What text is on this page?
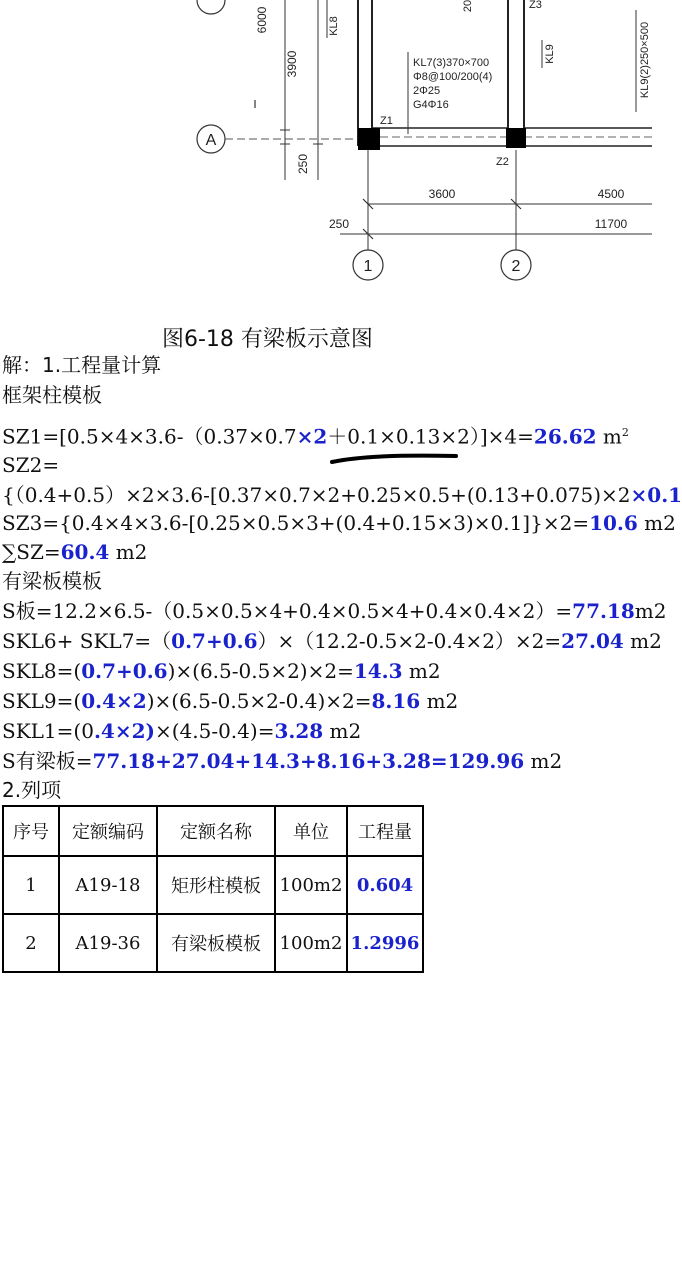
A
6000
3900
250
KL8
Z1
Z2
Z3
20
KL7(3)370×700
Φ8@100/200(4)
2Φ25
G4Φ16
KL9	KL9(2)250×500
3600	4500
250	11700
1	2
图6-18 有梁板示意图
解：1.工程量计算
框架柱模板
SZ1=[0.5×4×3.6-（0.37×0.7×2＋0.1×0.13×2）]×4=26.62 $m^2$
SZ2=
{（0.4+0.5）×2×3.6-[0.37×0.7×2+0.25×0.5+(0.13+0.075)×2×0.1
SZ3={0.4×4×3.6-[0.25×0.5×3+(0.4+0.15×3)×0.1]}×2=10.6 m2
∑SZ=60.4 m2
有梁板模板
S板=12.2×6.5-（0.5×0.5×4+0.4×0.5×4+0.4×0.4×2）=77.18m2
SKL6+ SKL7=（0.7+0.6）×（12.2-0.5×2-0.4×2）×2=27.04 m2
SKL8=(0.7+0.6)×(6.5-0.5×2)×2=14.3 m2
SKL9=(0.4×2)×(6.5-0.5×2-0.4)×2=8.16 m2
SKL1=(0.4×2)×(4.5-0.4)=3.28 m2
S有梁板=77.18+27.04+14.3+8.16+3.28=129.96 m2
2.列项
序号	定额编码	定额名称	单位	工程量
1	A19-18	矩形柱模板	100m2	0.604
2	A19-36	有梁板模板	100m2	1.2996
